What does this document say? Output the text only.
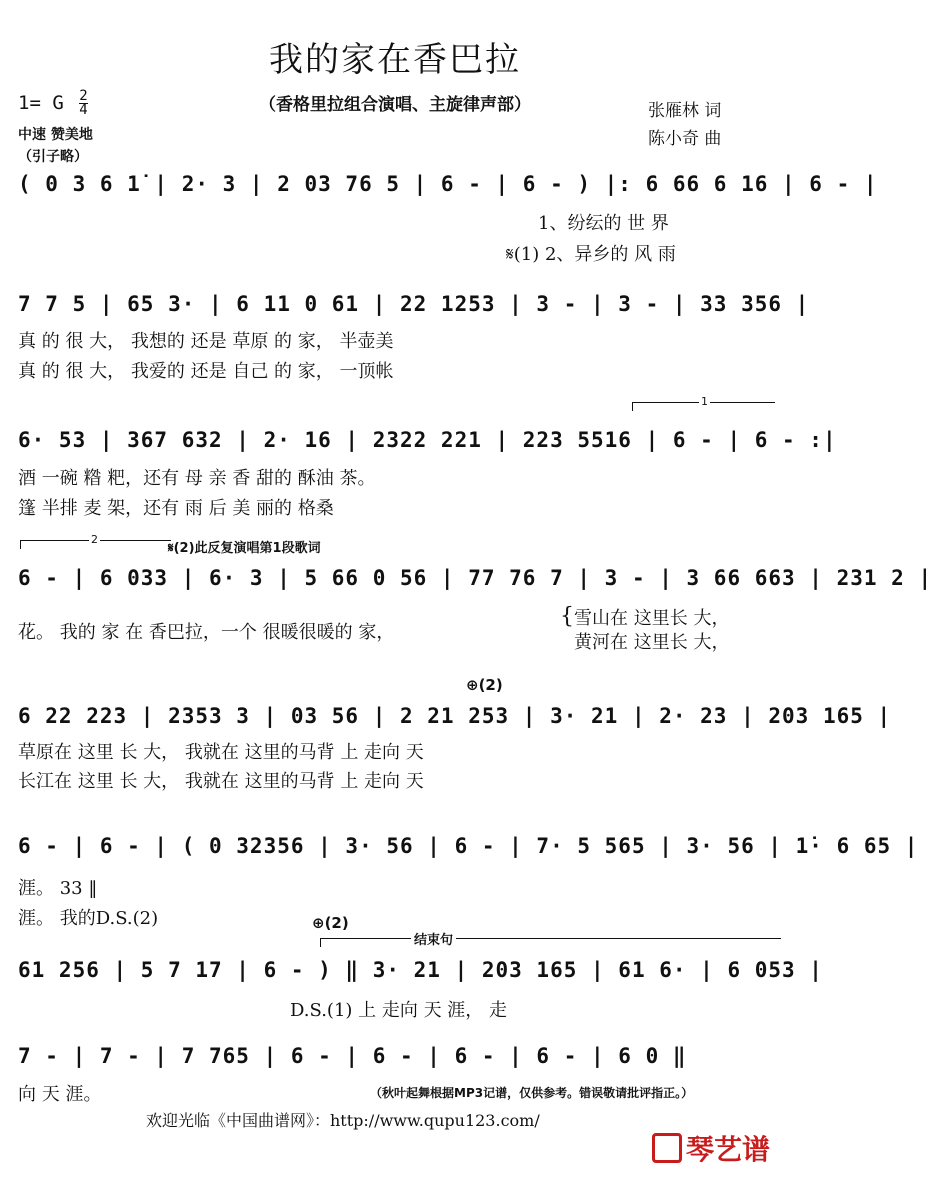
我的家在香巴拉
（香格里拉组合演唱、主旋律声部）
1= G $\frac{2}{4}$
中速 赞美地
（引子略）
张雁林 词
陈小奇 曲
( 0 3 6 1̇ | 2· 3 | 2 03 76 5 | 6 - | 6 - ) |: 6 66 6 16 | 6 - |
1、纷纭的 世 界
𝄋(1) 2、异乡的 风 雨
7 7 5 | 65 3· | 6 11 0 61 | 22 1253 | 3 - | 3 - | 33 356 |
真 的 很 大， 我想的 还是 草原 的 家， 半壶美
真 的 很 大， 我爱的 还是 自己 的 家， 一顶帐
1
6· 53 | 367 632 | 2· 16 | 2322 221 | 223 5516 | 6 - | 6 - :|
酒 一碗 糌 粑，还有 母 亲 香 甜的 酥油 茶。
篷 半排 麦 架，还有 雨 后 美 丽的 格桑
2
𝄋(2)此反复演唱第1段歌词
6 - | 6 033 | 6· 3 | 5 66 0 56 | 77 76 7 | 3 - | 3 66 663 | 231 2 |
花。 我的 家 在 香巴拉，一个 很暖很暖的 家，
{ 雪山在 这里长 大，
黄河在 这里长 大，
⊕(2)
6 22 223 | 2353 3 | 03 56 | 2 21 253 | 3· 21 | 2· 23 | 203 165 |
草原在 这里 长 大， 我就在 这里的马背 上 走向 天
长江在 这里 长 大， 我就在 这里的马背 上 走向 天
6 - | 6 - | ( 0 32356 | 3· 56 | 6 - | 7· 5 565 | 3· 56 | 1̇· 6 65 |
涯。 33 ‖
涯。 我的D.S.(2)	⊕(2)
结束句
61 256 | 5 7 17 | 6 - ) ‖ 3· 21 | 203 165 | 61 6· | 6 053 |
D.S.(1) 上 走向 天 涯， 走
7 - | 7 - | 7 765 | 6 - | 6 - | 6 - | 6 - | 6 0 ‖
向 天 涯。	（秋叶起舞根据MP3记谱，仅供参考。错误敬请批评指正。）
欢迎光临《中国曲谱网》：http://www.qupu123.com/
琴艺谱
